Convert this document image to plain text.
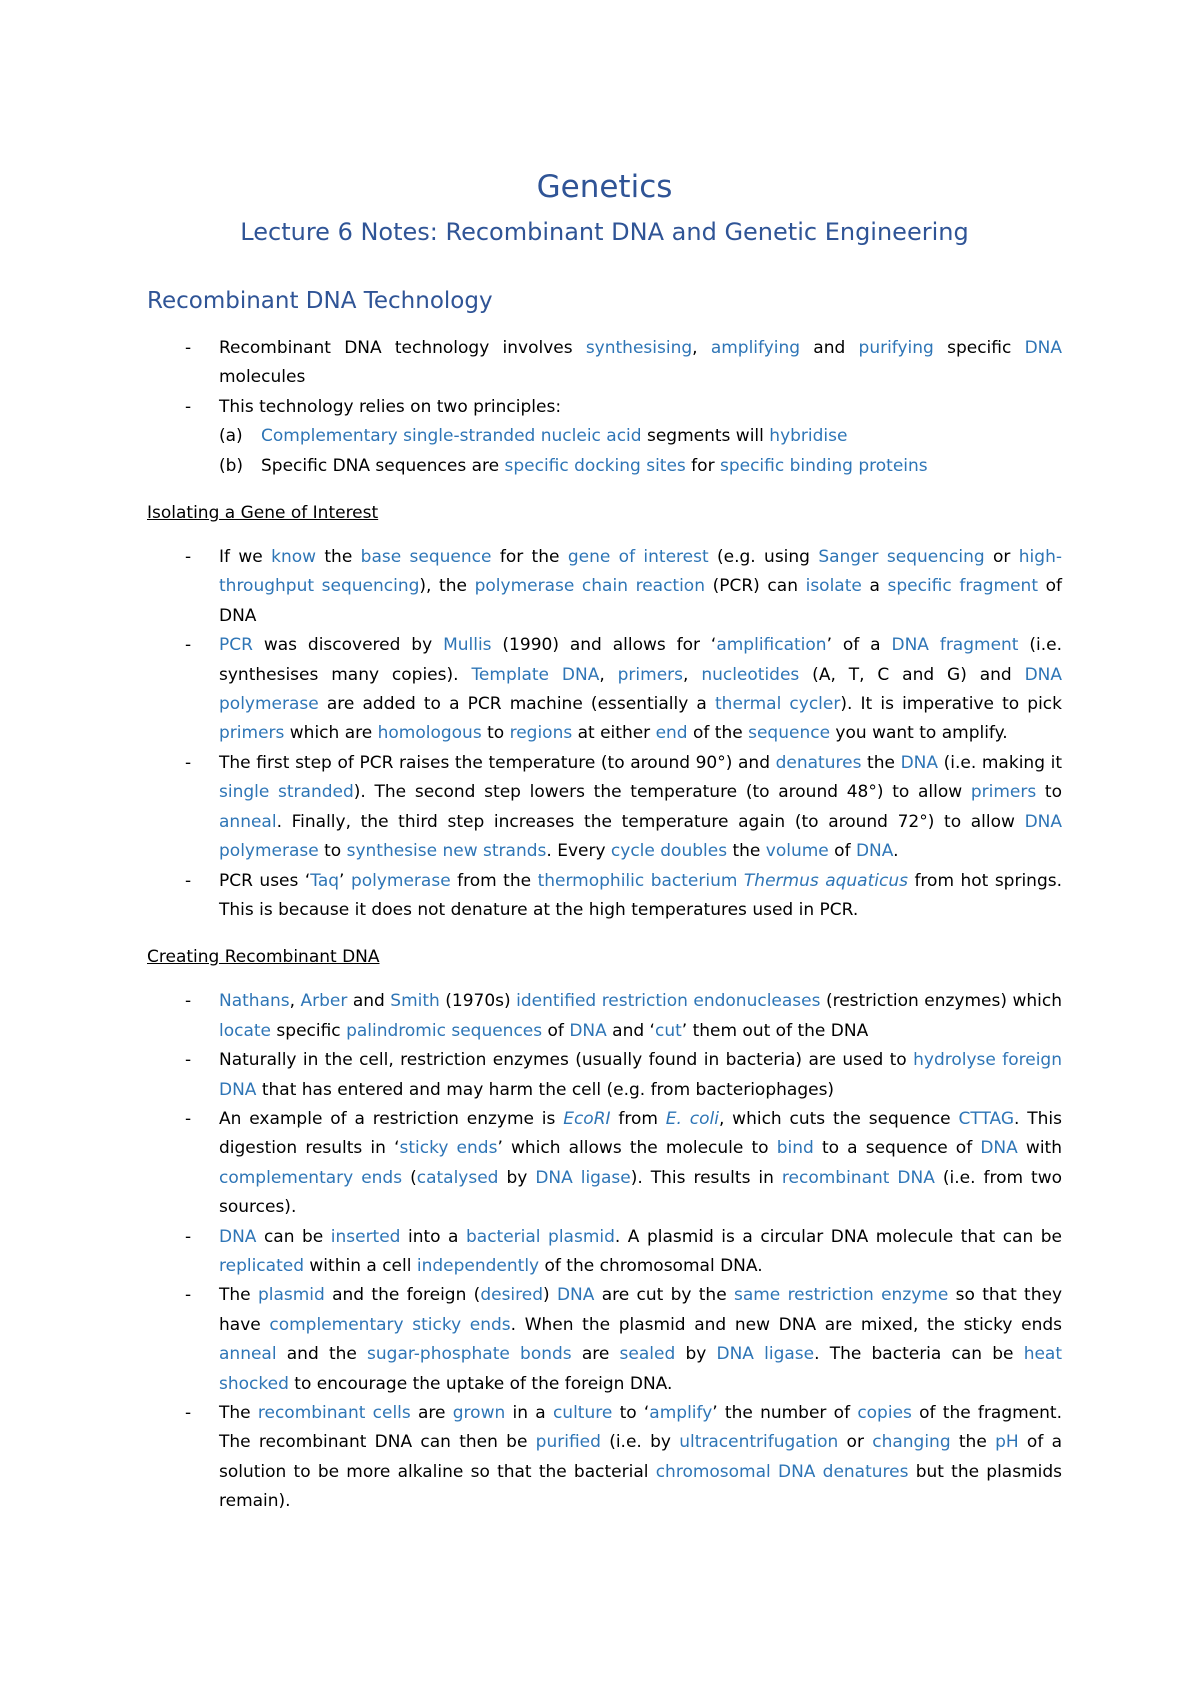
Genetics
Lecture 6 Notes: Recombinant DNA and Genetic Engineering
Recombinant DNA Technology
- Recombinant DNA technology involves synthesising, amplifying and purifying specific DNA molecules
- This technology relies on two principles:
(a) Complementary single-stranded nucleic acid segments will hybridise
(b) Specific DNA sequences are specific docking sites for specific binding proteins
Isolating a Gene of Interest
- If we know the base sequence for the gene of interest (e.g. using Sanger sequencing or high-throughput sequencing), the polymerase chain reaction (PCR) can isolate a specific fragment of DNA
- PCR was discovered by Mullis (1990) and allows for ‘amplification’ of a DNA fragment (i.e. synthesises many copies). Template DNA, primers, nucleotides (A, T, C and G) and DNA polymerase are added to a PCR machine (essentially a thermal cycler). It is imperative to pick primers which are homologous to regions at either end of the sequence you want to amplify.
- The first step of PCR raises the temperature (to around 90°) and denatures the DNA (i.e. making it single stranded). The second step lowers the temperature (to around 48°) to allow primers to anneal. Finally, the third step increases the temperature again (to around 72°) to allow DNA polymerase to synthesise new strands. Every cycle doubles the volume of DNA.
- PCR uses ‘Taq’ polymerase from the thermophilic bacterium Thermus aquaticus from hot springs. This is because it does not denature at the high temperatures used in PCR.
Creating Recombinant DNA
- Nathans, Arber and Smith (1970s) identified restriction endonucleases (restriction enzymes) which locate specific palindromic sequences of DNA and ‘cut’ them out of the DNA
- Naturally in the cell, restriction enzymes (usually found in bacteria) are used to hydrolyse foreign DNA that has entered and may harm the cell (e.g. from bacteriophages)
- An example of a restriction enzyme is EcoRI from E. coli, which cuts the sequence CTTAG. This digestion results in ‘sticky ends’ which allows the molecule to bind to a sequence of DNA with complementary ends (catalysed by DNA ligase). This results in recombinant DNA (i.e. from two sources).
- DNA can be inserted into a bacterial plasmid. A plasmid is a circular DNA molecule that can be replicated within a cell independently of the chromosomal DNA.
- The plasmid and the foreign (desired) DNA are cut by the same restriction enzyme so that they have complementary sticky ends. When the plasmid and new DNA are mixed, the sticky ends anneal and the sugar-phosphate bonds are sealed by DNA ligase. The bacteria can be heat shocked to encourage the uptake of the foreign DNA.
- The recombinant cells are grown in a culture to ‘amplify’ the number of copies of the fragment. The recombinant DNA can then be purified (i.e. by ultracentrifugation or changing the pH of a solution to be more alkaline so that the bacterial chromosomal DNA denatures but the plasmids remain).
